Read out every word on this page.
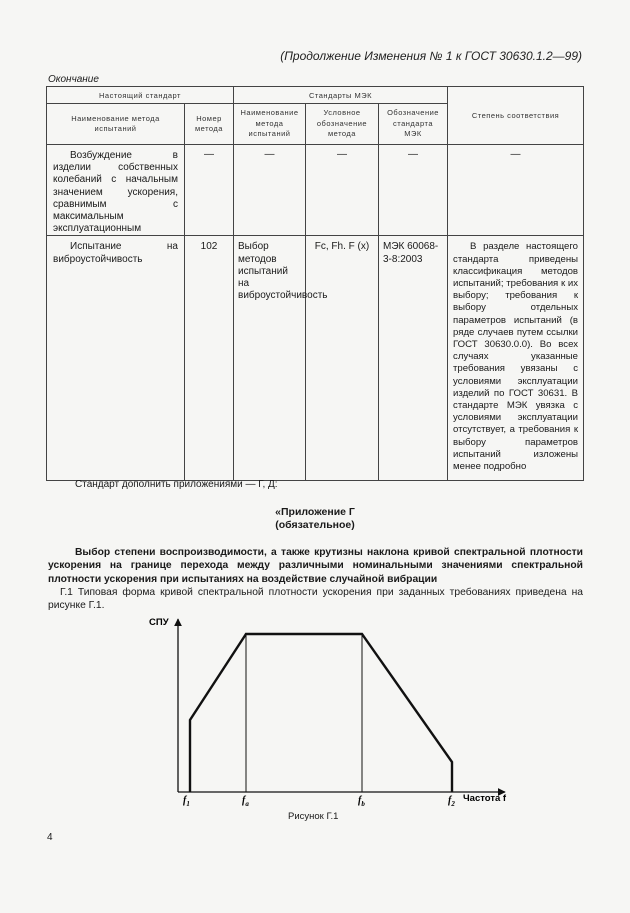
(Продолжение Изменения № 1 к ГОСТ 30630.1.2—99)
Окончание
Настоящий стандарт		Стандарты МЭК			Степень соответствия
Наименование метода испытаний	Номер метода	Наименование метода испытаний	Условное обозначение метода	Обозначение стандарта МЭК	

Возбуждение в изделии собственных колебаний с начальным значением ускорения, сравнимым с максимальным эксплуатационным	—	—	—	—	—

Испытание на виброустойчивость	102	Выбор методов испытаний на виброустойчивость	Fc, Fh. F (x)	МЭК 60068-3-8:2003	В разделе настоящего стандарта приведены классификация методов испытаний; требования к их выбору; требования к выбору отдельных параметров испытаний (в ряде случаев путем ссылки ГОСТ 30630.0.0). Во всех случаях указанные требования увязаны с условиями эксплуатации изделий по ГОСТ 30631. В стандарте МЭК увязка с условиями эксплуатации отсутствует, а требования к выбору параметров испытаний изложены менее подробно
Стандарт дополнить приложениями — Г, Д:
«Приложение Г
(обязательное)
Выбор степени воспроизводимости, а также крутизны наклона кривой спектральной плотности ускорения на границе перехода между различными номинальными значениями спектральной плотности ускорения при испытаниях на воздействие случайной вибрации
Г.1 Типовая форма кривой спектральной плотности ускорения при заданных требованиях приведена на рисунке Г.1.
СПУ
Частота f
$f_1$	$f_a$	$f_b$	$f_2$
Рисунок Г.1
4
